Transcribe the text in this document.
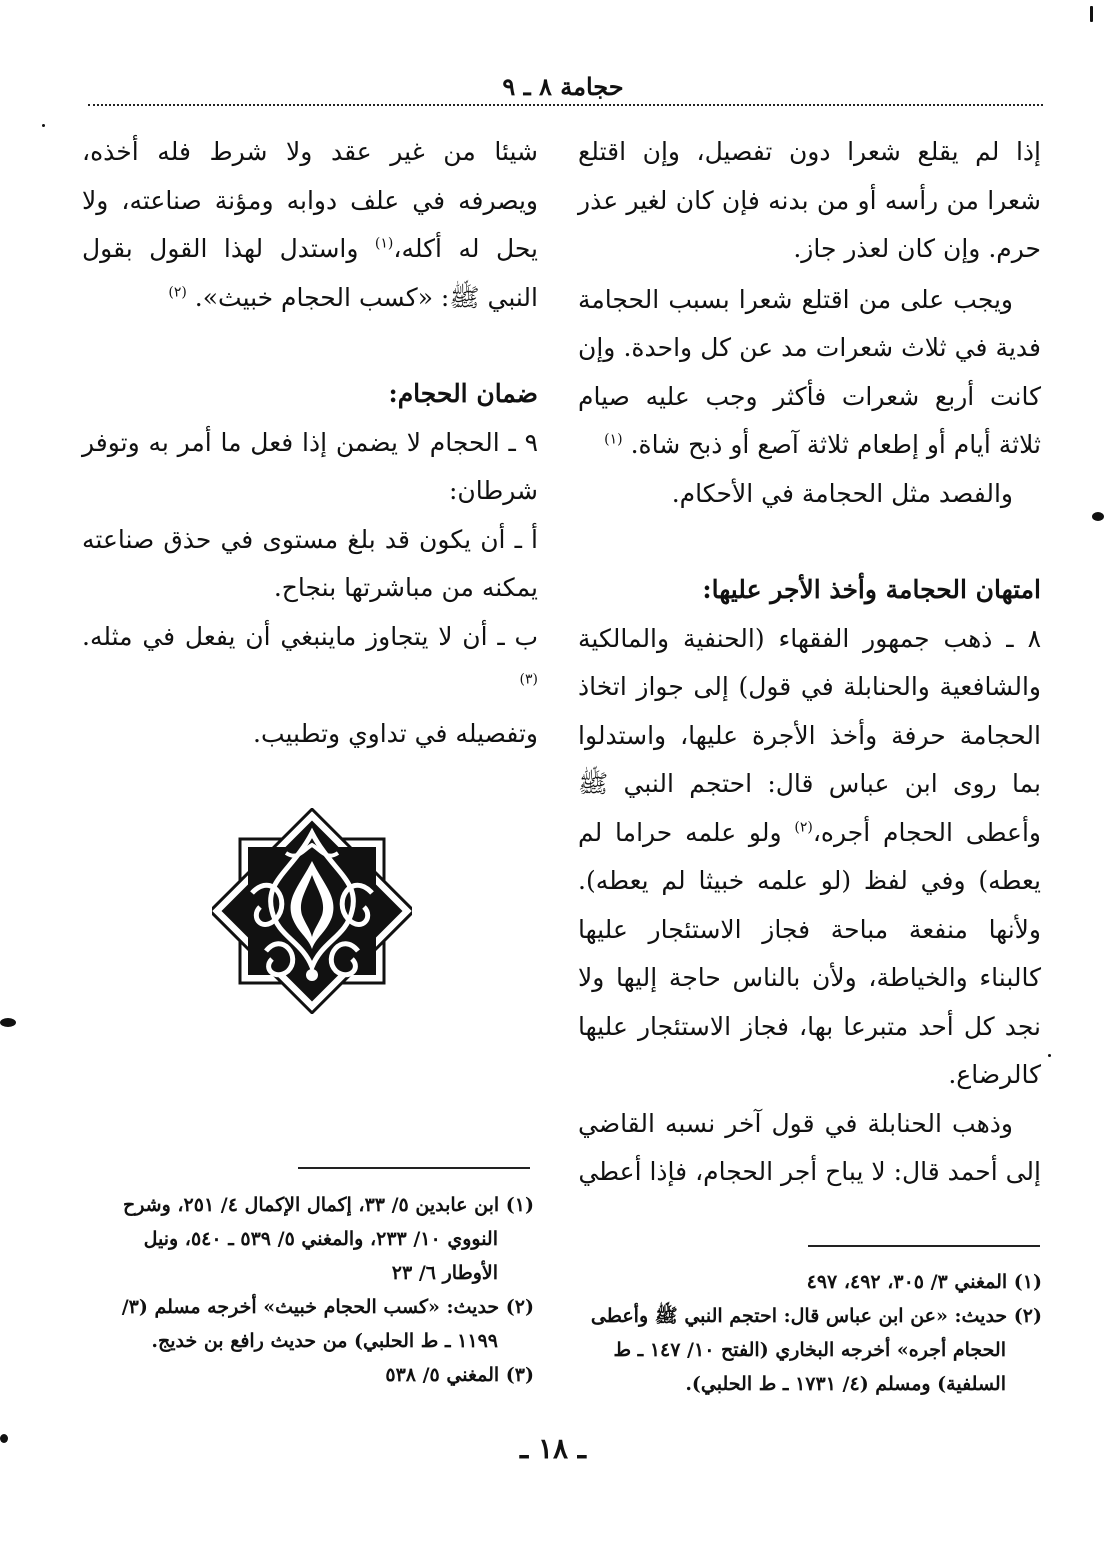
حجامة ٨ ـ ٩

إذا لم يقلع شعرا دون تفصيل، وإن اقتلع شعرا من رأسه أو من بدنه فإن كان لغير عذر حرم. وإن كان لعذر جاز.

ويجب على من اقتلع شعرا بسبب الحجامة فدية في ثلاث شعرات مد عن كل واحدة. وإن كانت أربع شعرات فأكثر وجب عليه صيام ثلاثة أيام أو إطعام ثلاثة آصع أو ذبح شاة. $^{(١)}$

والفصد مثل الحجامة في الأحكام.

امتهان الحجامة وأخذ الأجر عليها:

٨ ـ ذهب جمهور الفقهاء (الحنفية والمالكية والشافعية والحنابلة في قول) إلى جواز اتخاذ الحجامة حرفة وأخذ الأجرة عليها، واستدلوا بما روى ابن عباس قال: احتجم النبي ﷺ وأعطى الحجام أجره،$^{(٢)}$ ولو علمه حراما لم يعطه) وفي لفظ (لو علمه خبيثا لم يعطه). ولأنها منفعة مباحة فجاز الاستئجار عليها كالبناء والخياطة، ولأن بالناس حاجة إليها ولا نجد كل أحد متبرعا بها، فجاز الاستئجار عليها كالرضاع.

وذهب الحنابلة في قول آخر نسبه القاضي إلى أحمد قال: لا يباح أجر الحجام، فإذا أعطي

شيئا من غير عقد ولا شرط فله أخذه، ويصرفه في علف دوابه ومؤنة صناعته، ولا يحل له أكله،$^{(١)}$ واستدل لهذا القول بقول النبي ﷺ: «كسب الحجام خبيث». $^{(٢)}$

ضمان الحجام:

٩ ـ الحجام لا يضمن إذا فعل ما أمر به وتوفر شرطان:

أ ـ أن يكون قد بلغ مستوى في حذق صناعته يمكنه من مباشرتها بنجاح.

ب ـ أن لا يتجاوز ماينبغي أن يفعل في مثله. $^{(٣)}$

وتفصيله في تداوي وتطبيب.

(١) المغني ٣/ ٣٠٥، ٤٩٢، ٤٩٧

(٢) حديث: «عن ابن عباس قال: احتجم النبي ﷺ وأعطى الحجام أجره» أخرجه البخاري (الفتح ١٠/ ١٤٧ ـ ط السلفية) ومسلم (٤/ ١٧٣١ ـ ط الحلبي).

(١) ابن عابدين ٥/ ٣٣، إكمال الإكمال ٤/ ٢٥١، وشرح النووي ١٠/ ٢٣٣، والمغني ٥/ ٥٣٩ ـ ٥٤٠، ونيل الأوطار ٦/ ٢٣

(٢) حديث: «كسب الحجام خبيث» أخرجه مسلم (٣/ ١١٩٩ ـ ط الحلبي) من حديث رافع بن خديج.

(٣) المغني ٥/ ٥٣٨

ـ ١٨ ـ
